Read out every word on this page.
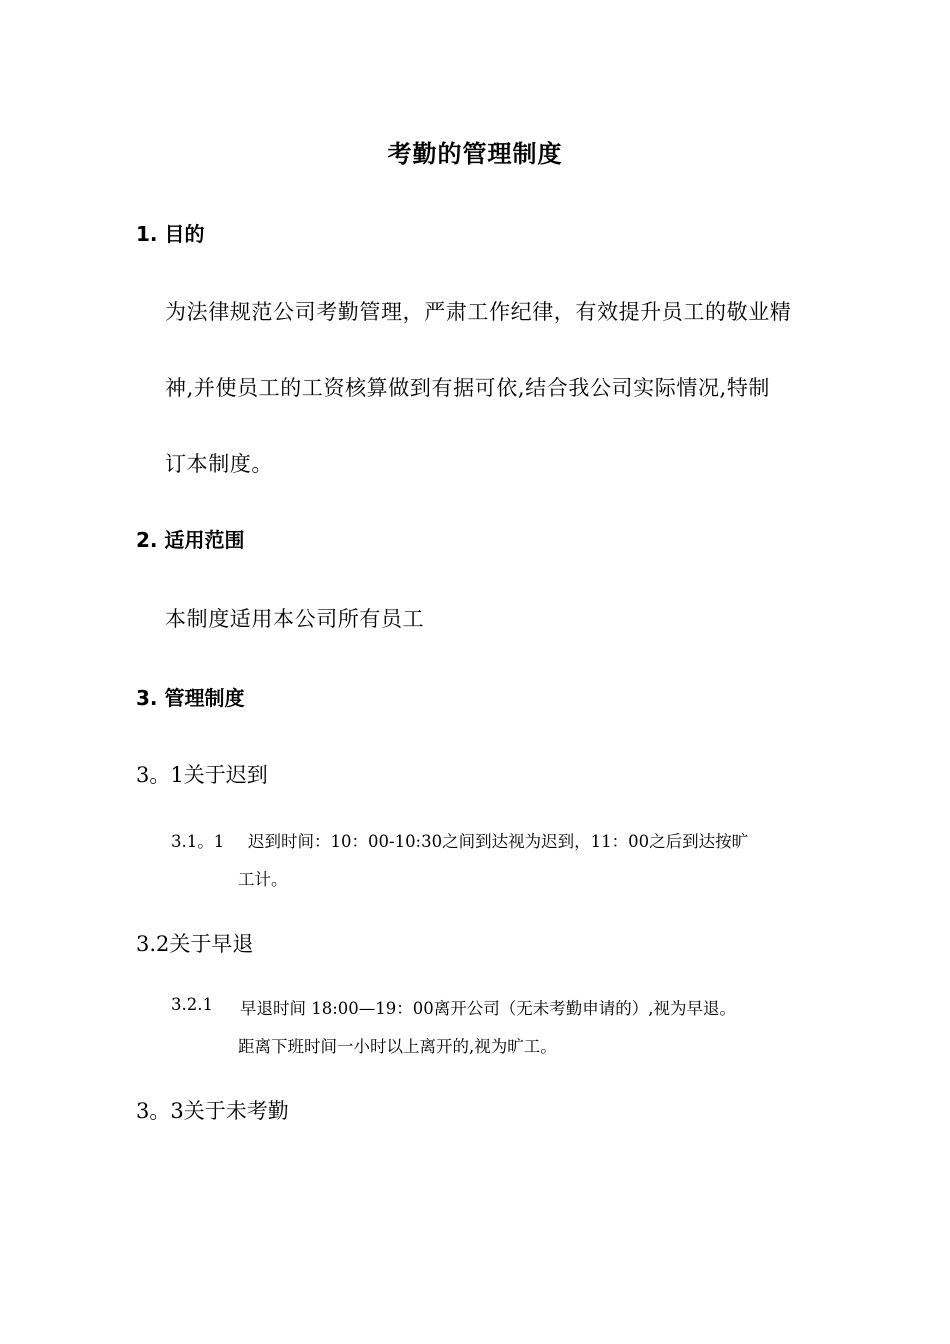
考勤的管理制度
1. 目的
为法律规范公司考勤管理，严肃工作纪律，有效提升员工的敬业精
神,并使员工的工资核算做到有据可依,结合我公司实际情况,特制
订本制度。
2. 适用范围
本制度适用本公司所有员工
3. 管理制度
3。1关于迟到
3.1。1 迟到时间：10：00-10:30之间到达视为迟到，11：00之后到达按旷
工计。
3.2关于早退
3.2.1 早退时间 18:00—19：00离开公司（无未考勤申请的）,视为早退。
距离下班时间一小时以上离开的,视为旷工。
3。3关于未考勤
